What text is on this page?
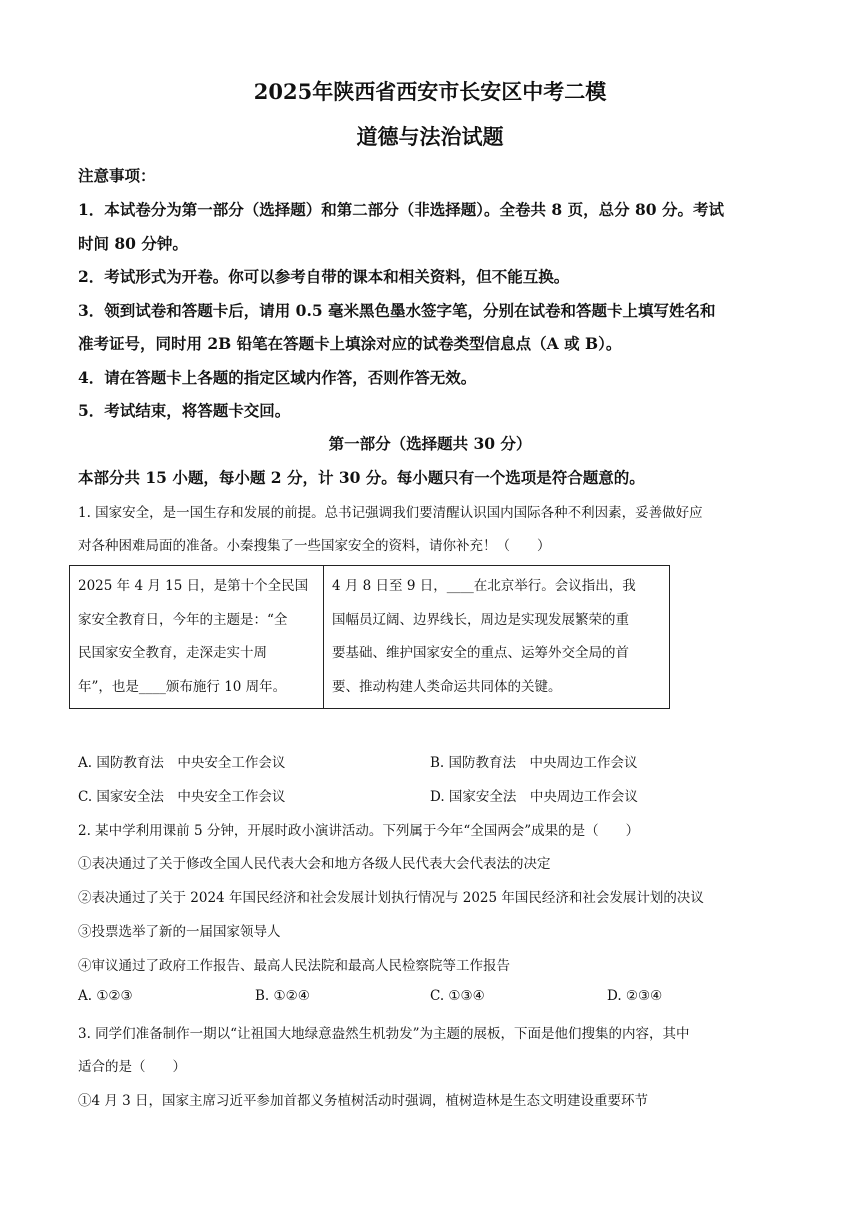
2025年陕西省西安市长安区中考二模
道德与法治试题
注意事项：
1．本试卷分为第一部分（选择题）和第二部分（非选择题）。全卷共 8 页，总分 80 分。考试
时间 80 分钟。
2．考试形式为开卷。你可以参考自带的课本和相关资料，但不能互换。
3．领到试卷和答题卡后，请用 0.5 毫米黑色墨水签字笔，分别在试卷和答题卡上填写姓名和
准考证号，同时用 2B 铅笔在答题卡上填涂对应的试卷类型信息点（A 或 B）。
4．请在答题卡上各题的指定区域内作答，否则作答无效。
5．考试结束，将答题卡交回。
第一部分（选择题共 30 分）
本部分共 15 小题，每小题 2 分，计 30 分。每小题只有一个选项是符合题意的。
1. 国家安全，是一国生存和发展的前提。总书记强调我们要清醒认识国内国际各种不利因素，妥善做好应
对各种困难局面的准备。小秦搜集了一些国家安全的资料，请你补充！（　　）
2025 年 4 月 15 日，是第十个全民国
家安全教育日，今年的主题是：“全
民国家安全教育，走深走实十周
年”，也是____颁布施行 10 周年。
4 月 8 日至 9 日，____在北京举行。会议指出，我
国幅员辽阔、边界线长，周边是实现发展繁荣的重
要基础、维护国家安全的重点、运筹外交全局的首
要、推动构建人类命运共同体的关键。
A. 国防教育法　中央安全工作会议	B. 国防教育法　中央周边工作会议
C. 国家安全法　中央安全工作会议	D. 国家安全法　中央周边工作会议
2. 某中学利用课前 5 分钟，开展时政小演讲活动。下列属于今年“全国两会”成果的是（　　）
①表决通过了关于修改全国人民代表大会和地方各级人民代表大会代表法的决定
②表决通过了关于 2024 年国民经济和社会发展计划执行情况与 2025 年国民经济和社会发展计划的决议
③投票选举了新的一届国家领导人
④审议通过了政府工作报告、最高人民法院和最高人民检察院等工作报告
A. ①②③	B. ①②④	C. ①③④	D. ②③④
3. 同学们准备制作一期以“让祖国大地绿意盎然生机勃发”为主题的展板，下面是他们搜集的内容，其中
适合的是（　　）
①4 月 3 日，国家主席习近平参加首都义务植树活动时强调，植树造林是生态文明建设重要环节
